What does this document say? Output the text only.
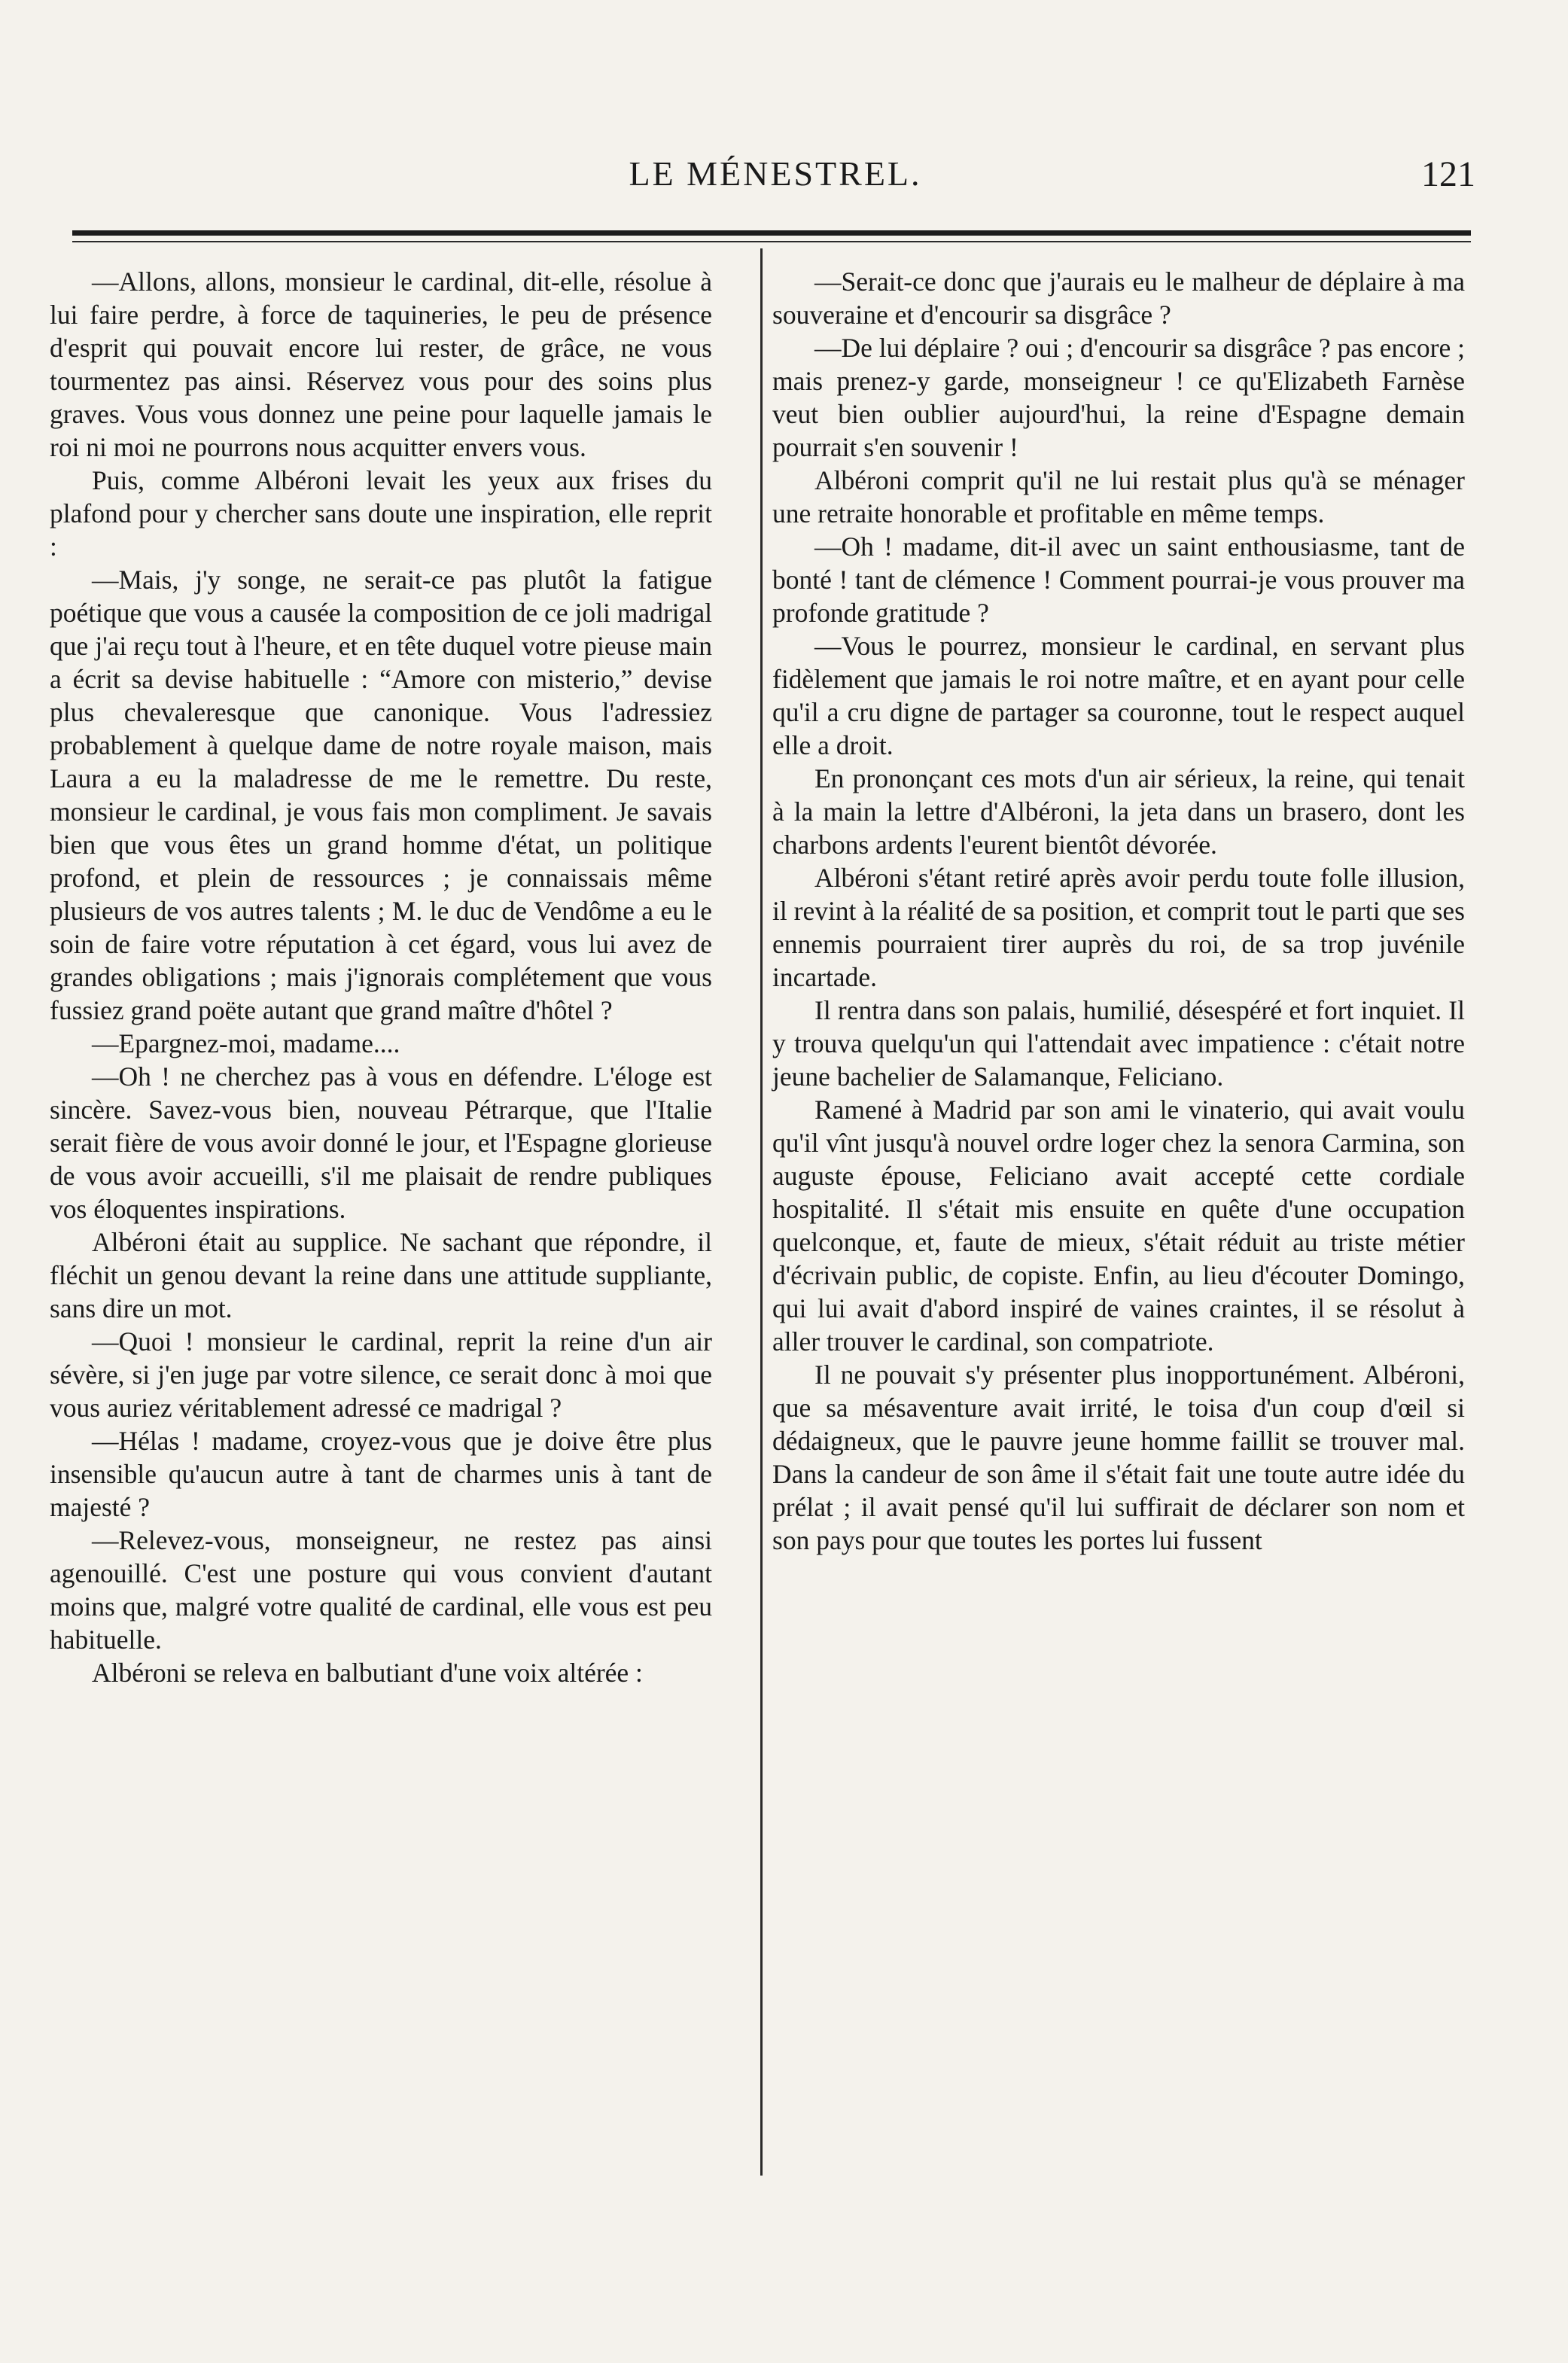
LE MÉNESTREL.	121

—Allons, allons, monsieur le cardinal, dit-elle, résolue à lui faire perdre, à force de taquineries, le peu de présence d'esprit qui pouvait encore lui rester, de grâce, ne vous tourmentez pas ainsi. Réservez vous pour des soins plus graves. Vous vous donnez une peine pour laquelle jamais le roi ni moi ne pourrons nous acquitter envers vous.

Puis, comme Albéroni levait les yeux aux frises du plafond pour y chercher sans doute une inspiration, elle reprit :

—Mais, j'y songe, ne serait-ce pas plutôt la fatigue poétique que vous a causée la composition de ce joli madrigal que j'ai reçu tout à l'heure, et en tête duquel votre pieuse main a écrit sa devise habituelle : “Amore con misterio,” devise plus chevaleresque que canonique. Vous l'adressiez probablement à quelque dame de notre royale maison, mais Laura a eu la maladresse de me le remettre. Du reste, monsieur le cardinal, je vous fais mon compliment. Je savais bien que vous êtes un grand homme d'état, un politique profond, et plein de ressources ; je connaissais même plusieurs de vos autres talents ; M. le duc de Vendôme a eu le soin de faire votre réputation à cet égard, vous lui avez de grandes obligations ; mais j'ignorais complétement que vous fussiez grand poëte autant que grand maître d'hôtel ?

—Epargnez-moi, madame....

—Oh ! ne cherchez pas à vous en défendre. L'éloge est sincère. Savez-vous bien, nouveau Pétrarque, que l'Italie serait fière de vous avoir donné le jour, et l'Espagne glorieuse de vous avoir accueilli, s'il me plaisait de rendre publiques vos éloquentes inspirations.

Albéroni était au supplice. Ne sachant que répondre, il fléchit un genou devant la reine dans une attitude suppliante, sans dire un mot.

—Quoi ! monsieur le cardinal, reprit la reine d'un air sévère, si j'en juge par votre silence, ce serait donc à moi que vous auriez véritablement adressé ce madrigal ?

—Hélas ! madame, croyez-vous que je doive être plus insensible qu'aucun autre à tant de charmes unis à tant de majesté ?

—Relevez-vous, monseigneur, ne restez pas ainsi agenouillé. C'est une posture qui vous convient d'autant moins que, malgré votre qualité de cardinal, elle vous est peu habituelle.

Albéroni se releva en balbutiant d'une voix altérée :

—Serait-ce donc que j'aurais eu le malheur de déplaire à ma souveraine et d'encourir sa disgrâce ?

—De lui déplaire ? oui ; d'encourir sa disgrâce ? pas encore ; mais prenez-y garde, monseigneur ! ce qu'Elizabeth Farnèse veut bien oublier aujourd'hui, la reine d'Espagne demain pourrait s'en souvenir !

Albéroni comprit qu'il ne lui restait plus qu'à se ménager une retraite honorable et profitable en même temps.

—Oh ! madame, dit-il avec un saint enthousiasme, tant de bonté ! tant de clémence ! Comment pourrai-je vous prouver ma profonde gratitude ?

—Vous le pourrez, monsieur le cardinal, en servant plus fidèlement que jamais le roi notre maître, et en ayant pour celle qu'il a cru digne de partager sa couronne, tout le respect auquel elle a droit.

En prononçant ces mots d'un air sérieux, la reine, qui tenait à la main la lettre d'Albéroni, la jeta dans un brasero, dont les charbons ardents l'eurent bientôt dévorée.

Albéroni s'étant retiré après avoir perdu toute folle illusion, il revint à la réalité de sa position, et comprit tout le parti que ses ennemis pourraient tirer auprès du roi, de sa trop juvénile incartade.

Il rentra dans son palais, humilié, désespéré et fort inquiet. Il y trouva quelqu'un qui l'attendait avec impatience : c'était notre jeune bachelier de Salamanque, Feliciano.

Ramené à Madrid par son ami le vinaterio, qui avait voulu qu'il vînt jusqu'à nouvel ordre loger chez la senora Carmina, son auguste épouse, Feliciano avait accepté cette cordiale hospitalité. Il s'était mis ensuite en quête d'une occupation quelconque, et, faute de mieux, s'était réduit au triste métier d'écrivain public, de copiste. Enfin, au lieu d'écouter Domingo, qui lui avait d'abord inspiré de vaines craintes, il se résolut à aller trouver le cardinal, son compatriote.

Il ne pouvait s'y présenter plus inopportunément. Albéroni, que sa mésaventure avait irrité, le toisa d'un coup d'œil si dédaigneux, que le pauvre jeune homme faillit se trouver mal. Dans la candeur de son âme il s'était fait une toute autre idée du prélat ; il avait pensé qu'il lui suffirait de déclarer son nom et son pays pour que toutes les portes lui fussent
